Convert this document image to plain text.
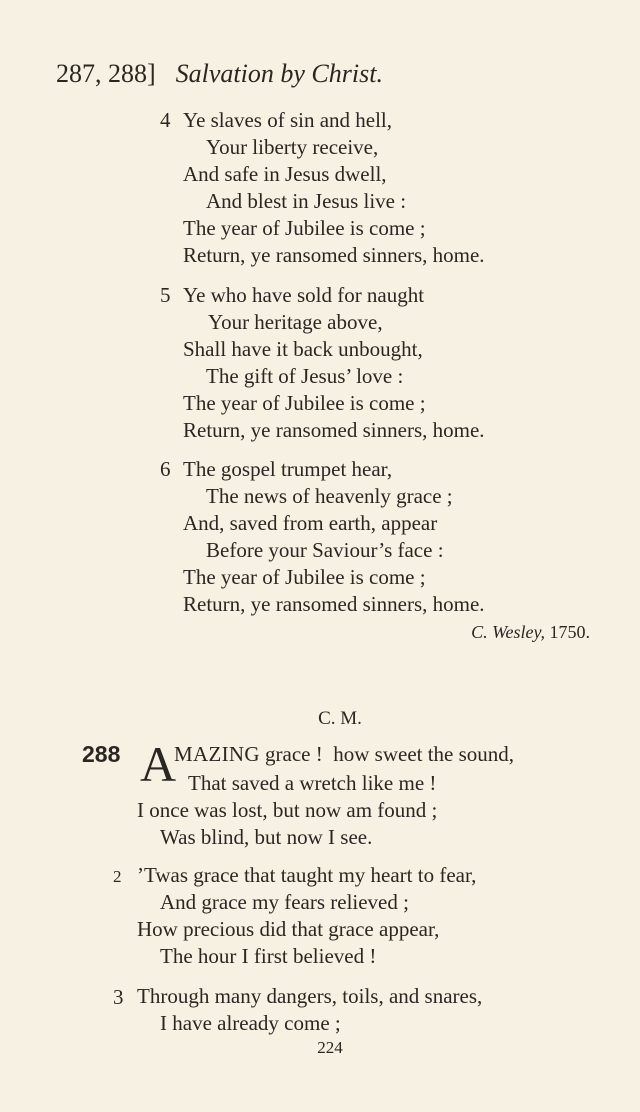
287, 288] Salvation by Christ.
4 Ye slaves of sin and hell,
Your liberty receive,
And safe in Jesus dwell,
And blest in Jesus live :
The year of Jubilee is come ;
Return, ye ransomed sinners, home.
5 Ye who have sold for naught
Your heritage above,
Shall have it back unbought,
The gift of Jesus’ love :
The year of Jubilee is come ;
Return, ye ransomed sinners, home.
6 The gospel trumpet hear,
The news of heavenly grace ;
And, saved from earth, appear
Before your Saviour’s face :
The year of Jubilee is come ;
Return, ye ransomed sinners, home.
C. Wesley, 1750.
C. M.
288 A
MAZING grace !  how sweet the sound,
That saved a wretch like me !
I once was lost, but now am found ;
Was blind, but now I see.
2 ’Twas grace that taught my heart to fear,
And grace my fears relieved ;
How precious did that grace appear,
The hour I first believed !
3 Through many dangers, toils, and snares,
I have already come ;
224
